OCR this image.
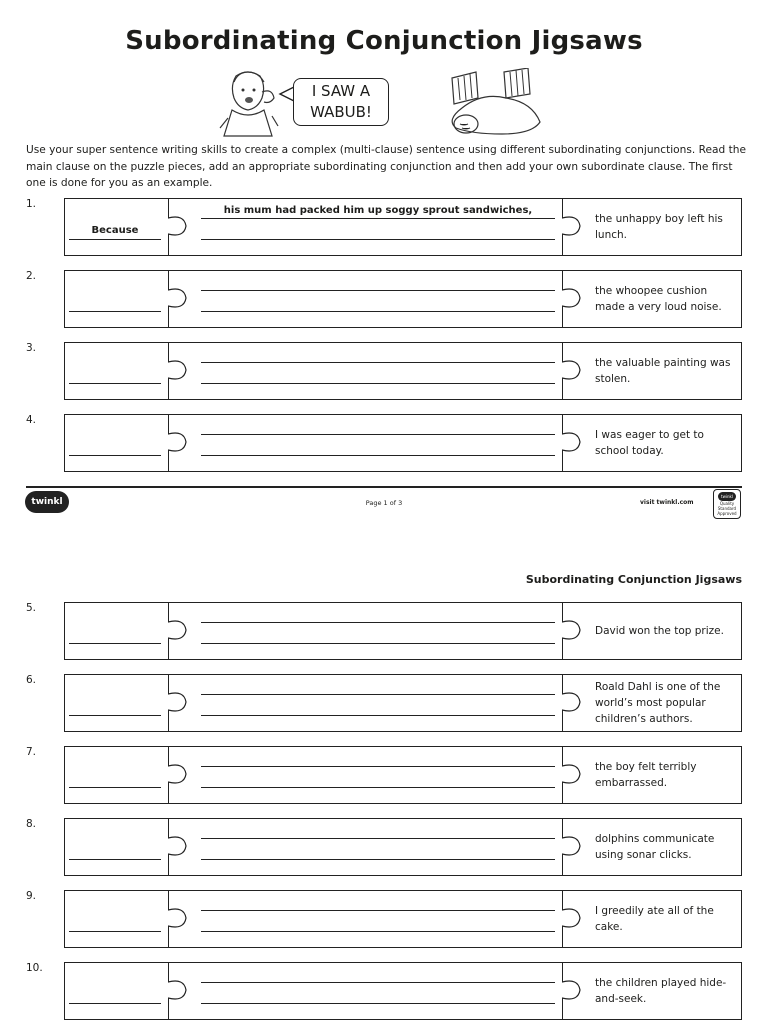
Subordinating Conjunction Jigsaws
I SAW A
WABUB!
Use your super sentence writing skills to create a complex (multi-clause) sentence using different subordinating conjunctions. Read the main clause on the puzzle pieces, add an appropriate subordinating conjunction and then add your own subordinate clause. The first one is done for you as an example.
1.
Because
his mum had packed him up soggy sprout sandwiches,
the unhappy boy left his lunch.
2.
the whoopee cushion made a very loud noise.
3.
the valuable painting was stolen.
4.
I was eager to get to school today.
twinkl	Page 1 of 3	visit twinkl.com
twinkl
Quality Standard Approved
Subordinating Conjunction Jigsaws
5.
David won the top prize.
6.
Roald Dahl is one of the world’s most popular children’s authors.
7.
the boy felt terribly embarrassed.
8.
dolphins communicate using sonar clicks.
9.
I greedily ate all of the cake.
10.
the children played hide-and-seek.
